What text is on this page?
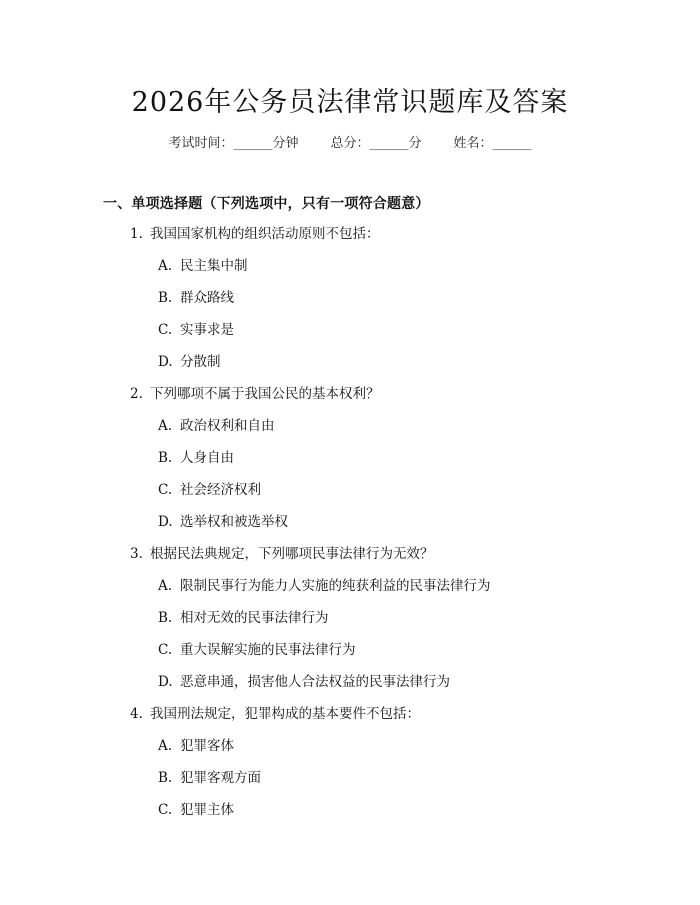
2026年公务员法律常识题库及答案
考试时间：______分钟 总分：______分 姓名：______
一、单项选择题（下列选项中，只有一项符合题意）
1. 我国国家机构的组织活动原则不包括：
A. 民主集中制
B. 群众路线
C. 实事求是
D. 分散制
2. 下列哪项不属于我国公民的基本权利？
A. 政治权利和自由
B. 人身自由
C. 社会经济权利
D. 选举权和被选举权
3. 根据民法典规定，下列哪项民事法律行为无效？
A. 限制民事行为能力人实施的纯获利益的民事法律行为
B. 相对无效的民事法律行为
C. 重大误解实施的民事法律行为
D. 恶意串通，损害他人合法权益的民事法律行为
4. 我国刑法规定，犯罪构成的基本要件不包括：
A. 犯罪客体
B. 犯罪客观方面
C. 犯罪主体
